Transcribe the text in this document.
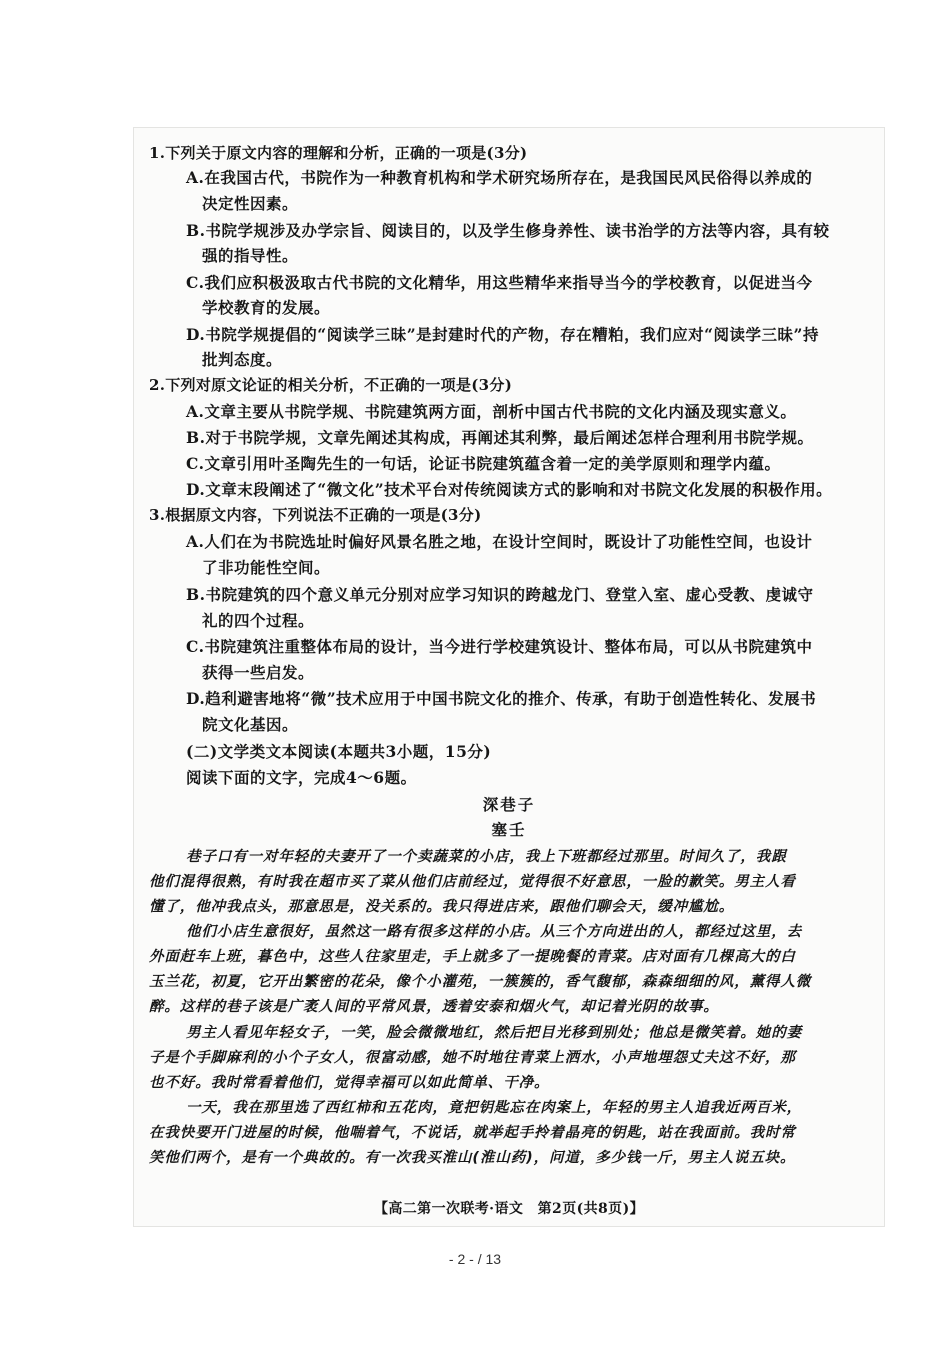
1.下列关于原文内容的理解和分析，正确的一项是(3分)
A.在我国古代，书院作为一种教育机构和学术研究场所存在，是我国民风民俗得以养成的
决定性因素。
B.书院学规涉及办学宗旨、阅读目的，以及学生修身养性、读书治学的方法等内容，具有较
强的指导性。
C.我们应积极汲取古代书院的文化精华，用这些精华来指导当今的学校教育，以促进当今
学校教育的发展。
D.书院学规提倡的“阅读学三昧”是封建时代的产物，存在糟粕，我们应对“阅读学三昧”持
批判态度。
2.下列对原文论证的相关分析，不正确的一项是(3分)
A.文章主要从书院学规、书院建筑两方面，剖析中国古代书院的文化内涵及现实意义。
B.对于书院学规，文章先阐述其构成，再阐述其利弊，最后阐述怎样合理利用书院学规。
C.文章引用叶圣陶先生的一句话，论证书院建筑蕴含着一定的美学原则和理学内蕴。
D.文章末段阐述了“微文化”技术平台对传统阅读方式的影响和对书院文化发展的积极作用。
3.根据原文内容，下列说法不正确的一项是(3分)
A.人们在为书院选址时偏好风景名胜之地，在设计空间时，既设计了功能性空间，也设计
了非功能性空间。
B.书院建筑的四个意义单元分别对应学习知识的跨越龙门、登堂入室、虚心受教、虔诚守
礼的四个过程。
C.书院建筑注重整体布局的设计，当今进行学校建筑设计、整体布局，可以从书院建筑中
获得一些启发。
D.趋利避害地将“微”技术应用于中国书院文化的推介、传承，有助于创造性转化、发展书
院文化基因。
(二)文学类文本阅读(本题共3小题，15分)
阅读下面的文字，完成4～6题。
深巷子
塞壬
巷子口有一对年轻的夫妻开了一个卖蔬菜的小店，我上下班都经过那里。时间久了，我跟
他们混得很熟，有时我在超市买了菜从他们店前经过，觉得很不好意思，一脸的歉笑。男主人看
懂了，他冲我点头，那意思是，没关系的。我只得进店来，跟他们聊会天，缓冲尴尬。
他们小店生意很好，虽然这一路有很多这样的小店。从三个方向进出的人，都经过这里，去
外面赶车上班，暮色中，这些人往家里走，手上就多了一提晚餐的青菜。店对面有几棵高大的白
玉兰花，初夏，它开出繁密的花朵，像个小灌苑，一簇簇的，香气馥郁，森森细细的风，薰得人微
醉。这样的巷子该是广袤人间的平常风景，透着安泰和烟火气，却记着光阴的故事。
男主人看见年轻女子，一笑，脸会微微地红，然后把目光移到别处；他总是微笑着。她的妻
子是个手脚麻利的小个子女人，很富动感，她不时地往青菜上洒水，小声地埋怨丈夫这不好，那
也不好。我时常看着他们，觉得幸福可以如此简单、干净。
一天，我在那里选了西红柿和五花肉，竟把钥匙忘在肉案上，年轻的男主人追我近两百米，
在我快要开门进屋的时候，他喘着气，不说话，就举起手拎着晶亮的钥匙，站在我面前。我时常
笑他们两个，是有一个典故的。有一次我买淮山(淮山药)，问道，多少钱一斤，男主人说五块。
【高二第一次联考·语文　第2页(共8页)】
- 2 - / 13
